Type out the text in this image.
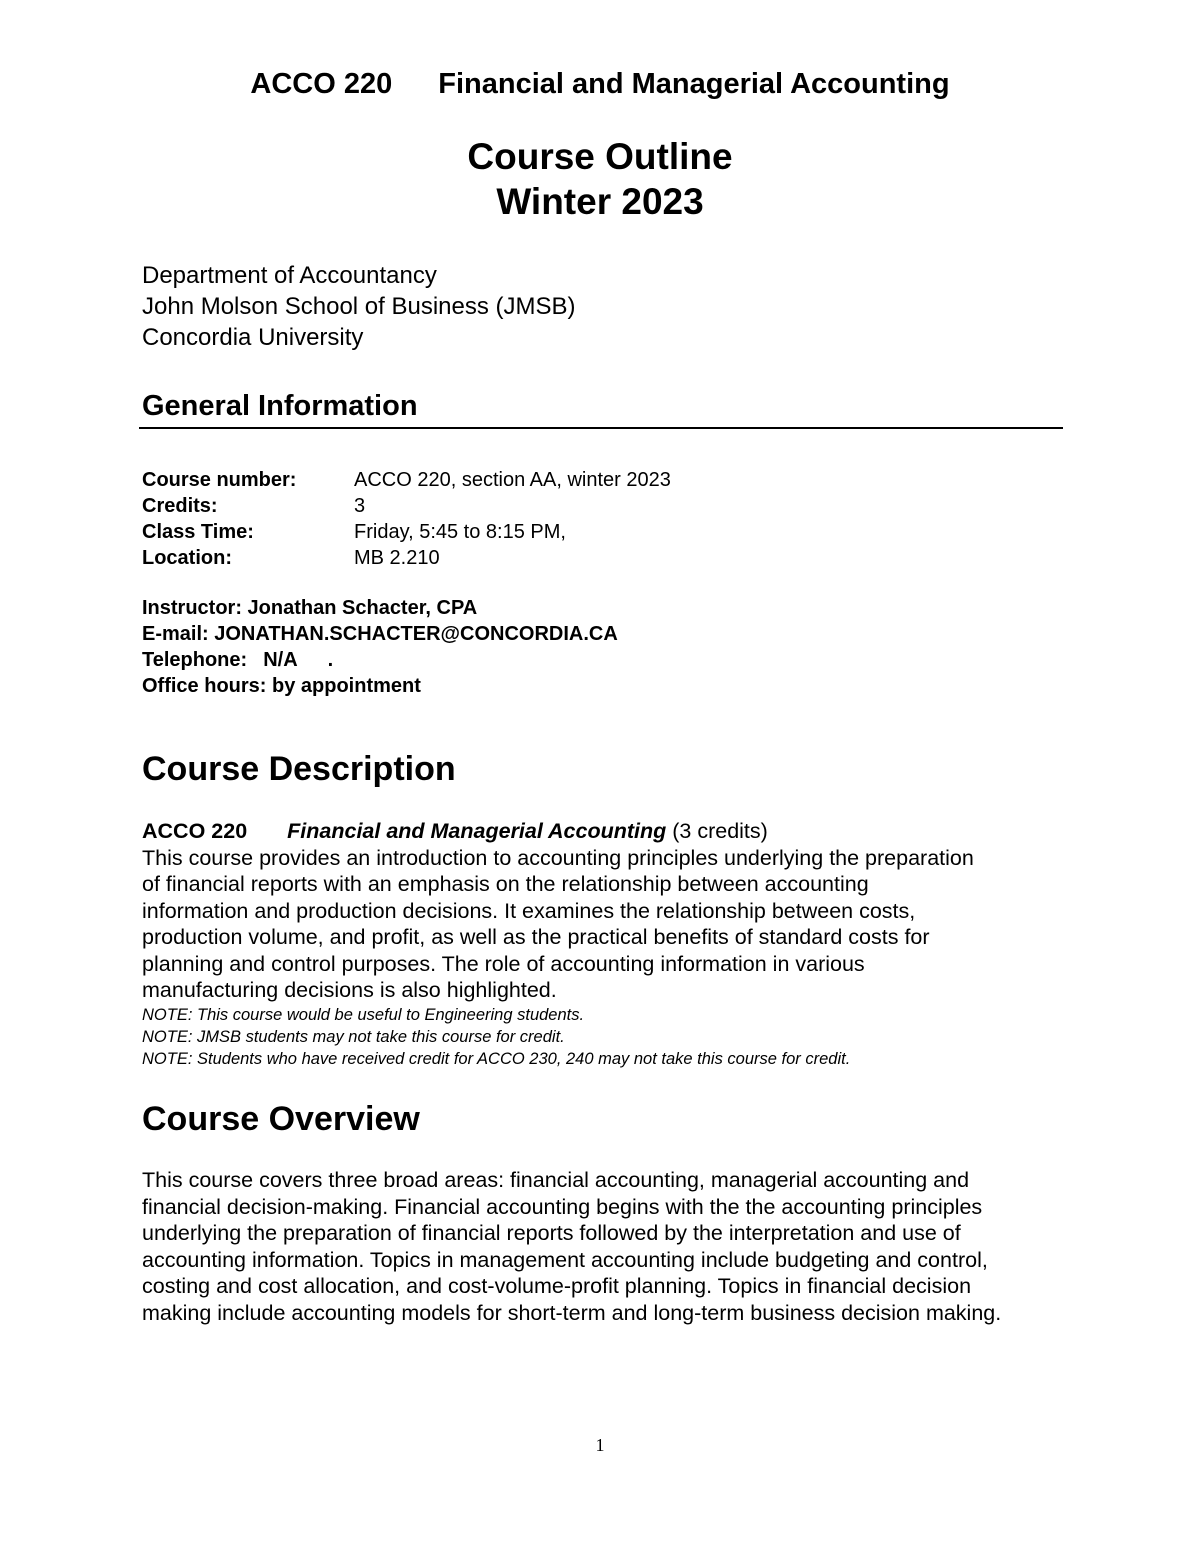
ACCO 220 Financial and Managerial Accounting
Course Outline
Winter 2023
Department of Accountancy
John Molson School of Business (JMSB)
Concordia University
General Information
Course number:	ACCO 220, section AA, winter 2023
Credits:	3
Class Time:	Friday, 5:45 to 8:15 PM,
Location:	MB 2.210
Instructor: Jonathan Schacter, CPA
E-mail: JONATHAN.SCHACTER@CONCORDIA.CA
Telephone: N/A .
Office hours: by appointment
Course Description
ACCO 220 Financial and Managerial Accounting (3 credits)
This course provides an introduction to accounting principles underlying the preparation
of financial reports with an emphasis on the relationship between accounting
information and production decisions. It examines the relationship between costs,
production volume, and profit, as well as the practical benefits of standard costs for
planning and control purposes. The role of accounting information in various
manufacturing decisions is also highlighted.
NOTE: This course would be useful to Engineering students.
NOTE: JMSB students may not take this course for credit.
NOTE: Students who have received credit for ACCO 230, 240 may not take this course for credit.
Course Overview
This course covers three broad areas: financial accounting, managerial accounting and
financial decision-making. Financial accounting begins with the the accounting principles
underlying the preparation of financial reports followed by the interpretation and use of
accounting information. Topics in management accounting include budgeting and control,
costing and cost allocation, and cost-volume-profit planning. Topics in financial decision
making include accounting models for short-term and long-term business decision making.
1
